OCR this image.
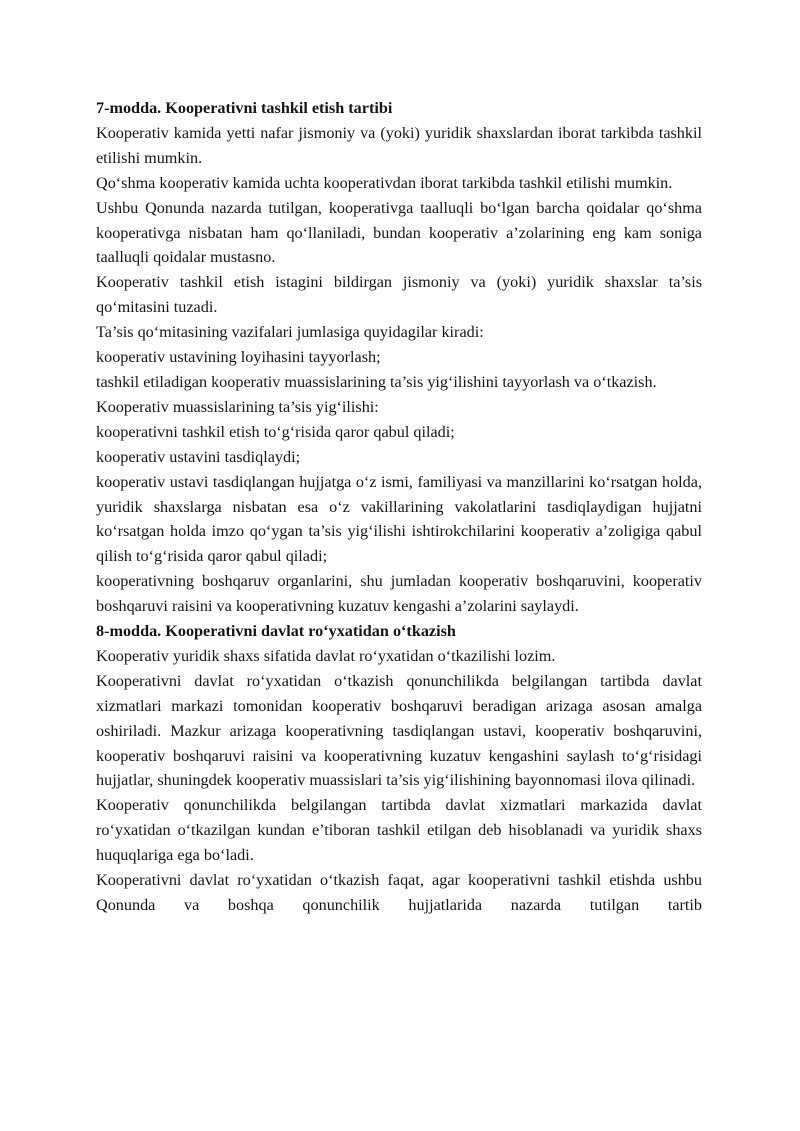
7-modda. Kooperativni tashkil etish tartibi

Kooperativ kamida yetti nafar jismoniy va (yoki) yuridik shaxslardan iborat tarkibda tashkil etilishi mumkin.

Qo‘shma kooperativ kamida uchta kooperativdan iborat tarkibda tashkil etilishi mumkin.

Ushbu Qonunda nazarda tutilgan, kooperativga taalluqli bo‘lgan barcha qoidalar qo‘shma kooperativga nisbatan ham qo‘llaniladi, bundan kooperativ a’zolarining eng kam soniga taalluqli qoidalar mustasno.

Kooperativ tashkil etish istagini bildirgan jismoniy va (yoki) yuridik shaxslar ta’sis qo‘mitasini tuzadi.

Ta’sis qo‘mitasining vazifalari jumlasiga quyidagilar kiradi:

kooperativ ustavining loyihasini tayyorlash;

tashkil etiladigan kooperativ muassislarining ta’sis yig‘ilishini tayyorlash va o‘tkazish.

Kooperativ muassislarining ta’sis yig‘ilishi:

kooperativni tashkil etish to‘g‘risida qaror qabul qiladi;

kooperativ ustavini tasdiqlaydi;

kooperativ ustavi tasdiqlangan hujjatga o‘z ismi, familiyasi va manzillarini ko‘rsatgan holda, yuridik shaxslarga nisbatan esa o‘z vakillarining vakolatlarini tasdiqlaydigan hujjatni ko‘rsatgan holda imzo qo‘ygan ta’sis yig‘ilishi ishtirokchilarini kooperativ a’zoligiga qabul qilish to‘g‘risida qaror qabul qiladi;

kooperativning boshqaruv organlarini, shu jumladan kooperativ boshqaruvini, kooperativ boshqaruvi raisini va kooperativning kuzatuv kengashi a’zolarini saylaydi.

8-modda. Kooperativni davlat ro‘yxatidan o‘tkazish

Kooperativ yuridik shaxs sifatida davlat ro‘yxatidan o‘tkazilishi lozim.

Kooperativni davlat ro‘yxatidan o‘tkazish qonunchilikda belgilangan tartibda davlat xizmatlari markazi tomonidan kooperativ boshqaruvi beradigan arizaga asosan amalga oshiriladi. Mazkur arizaga kooperativning tasdiqlangan ustavi, kooperativ boshqaruvini, kooperativ boshqaruvi raisini va kooperativning kuzatuv kengashini saylash to‘g‘risidagi hujjatlar, shuningdek kooperativ muassislari ta’sis yig‘ilishining bayonnomasi ilova qilinadi.

Kooperativ qonunchilikda belgilangan tartibda davlat xizmatlari markazida davlat ro‘yxatidan o‘tkazilgan kundan e’tiboran tashkil etilgan deb hisoblanadi va yuridik shaxs huquqlariga ega bo‘ladi.

Kooperativni davlat ro‘yxatidan o‘tkazish faqat, agar kooperativni tashkil etishda ushbu Qonunda va boshqa qonunchilik hujjatlarida nazarda tutilgan tartib
